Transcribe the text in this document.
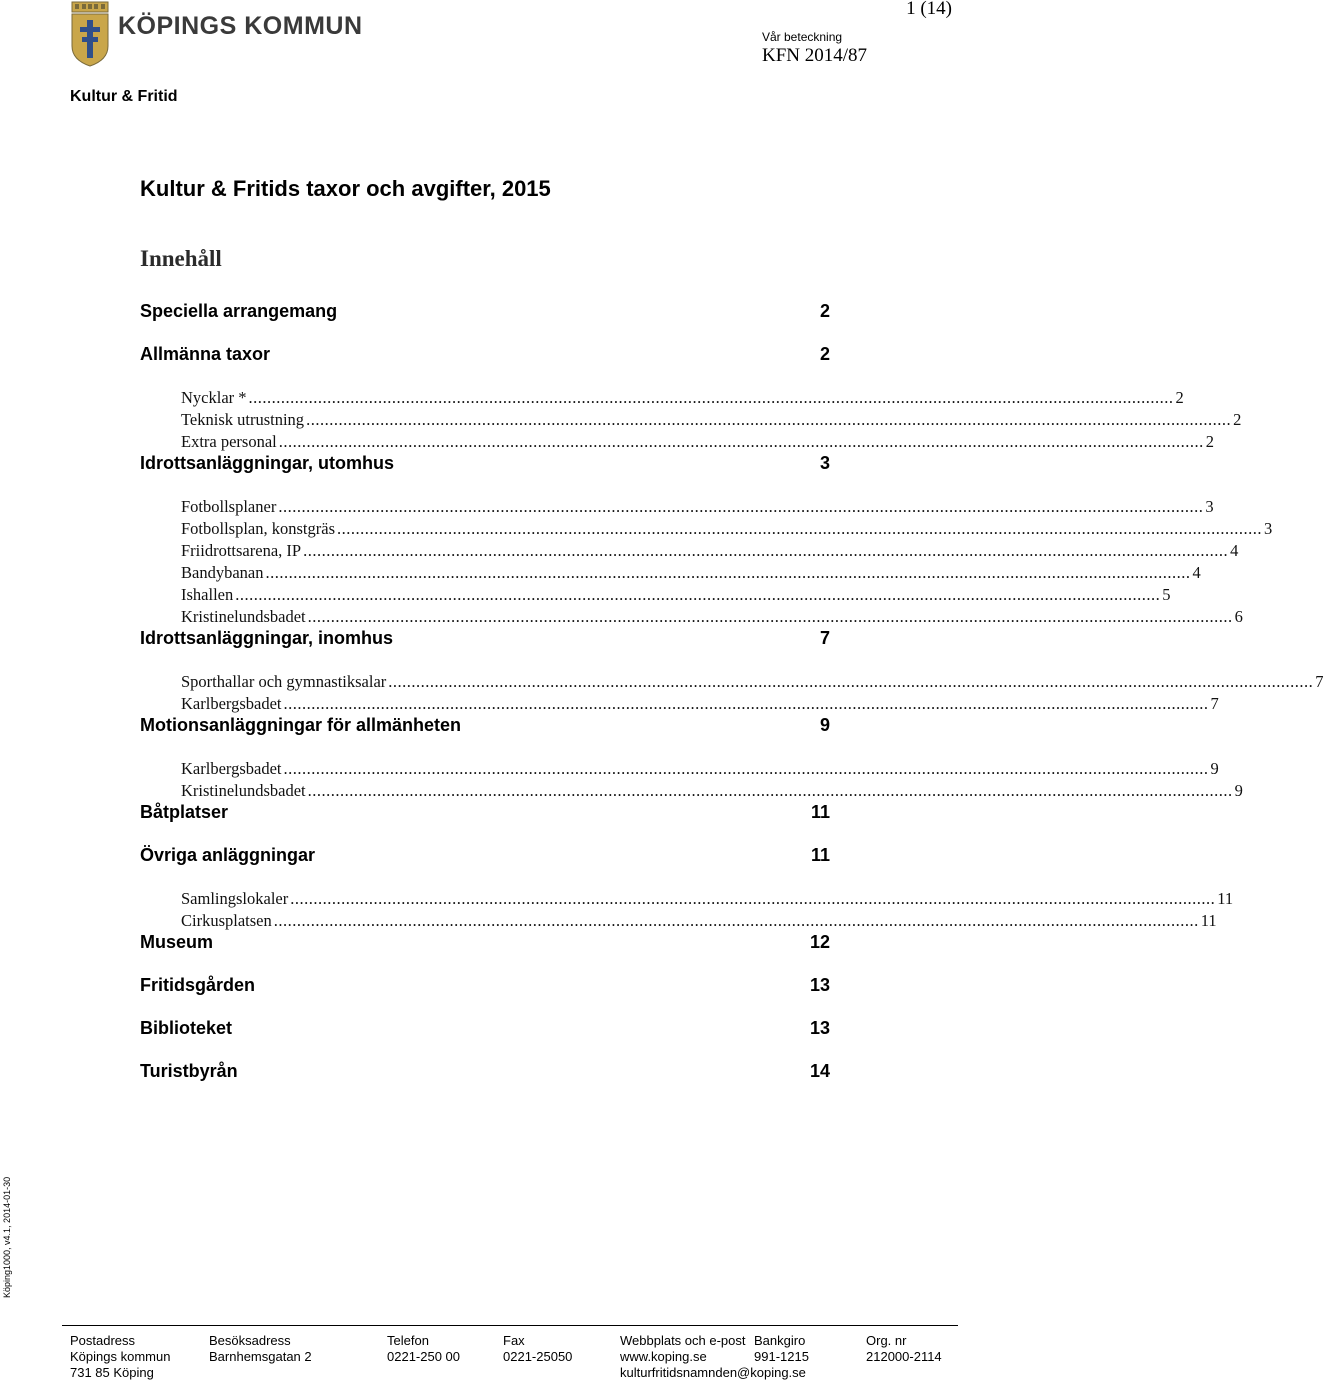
KÖPINGS KOMMUN
1 (14)
Vår beteckning
KFN 2014/87
Kultur & Fritid
Kultur & Fritids taxor och avgifter, 2015
Innehåll
Speciella arrangemang	2
Allmänna taxor	2
Nycklar * ........................................................................................................................................................................................................ 2
Teknisk utrustning ........................................................................................................................................................................................................ 2
Extra personal ........................................................................................................................................................................................................ 2
Idrottsanläggningar, utomhus	3
Fotbollsplaner ........................................................................................................................................................................................................ 3
Fotbollsplan, konstgräs ........................................................................................................................................................................................................ 3
Friidrottsarena, IP ........................................................................................................................................................................................................ 4
Bandybanan ........................................................................................................................................................................................................ 4
Ishallen ........................................................................................................................................................................................................ 5
Kristinelundsbadet ........................................................................................................................................................................................................ 6
Idrottsanläggningar, inomhus	7
Sporthallar och gymnastiksalar ........................................................................................................................................................................................................ 7
Karlbergsbadet ........................................................................................................................................................................................................ 7
Motionsanläggningar för allmänheten	9
Karlbergsbadet ........................................................................................................................................................................................................ 9
Kristinelundsbadet ........................................................................................................................................................................................................ 9
Båtplatser	11
Övriga anläggningar	11
Samlingslokaler ........................................................................................................................................................................................................ 11
Cirkusplatsen ........................................................................................................................................................................................................ 11
Museum	12
Fritidsgården	13
Biblioteket	13
Turistbyrån	14
Köping1000, v4.1, 2014-01-30
Postadress
Köpings kommun
731 85 Köping
Besöksadress
Barnhemsgatan 2
Telefon
0221-250 00
Fax
0221-25050
Webbplats och e-post
www.koping.se
kulturfritidsnamnden@koping.se
Bankgiro
991-1215
Org. nr
212000-2114
